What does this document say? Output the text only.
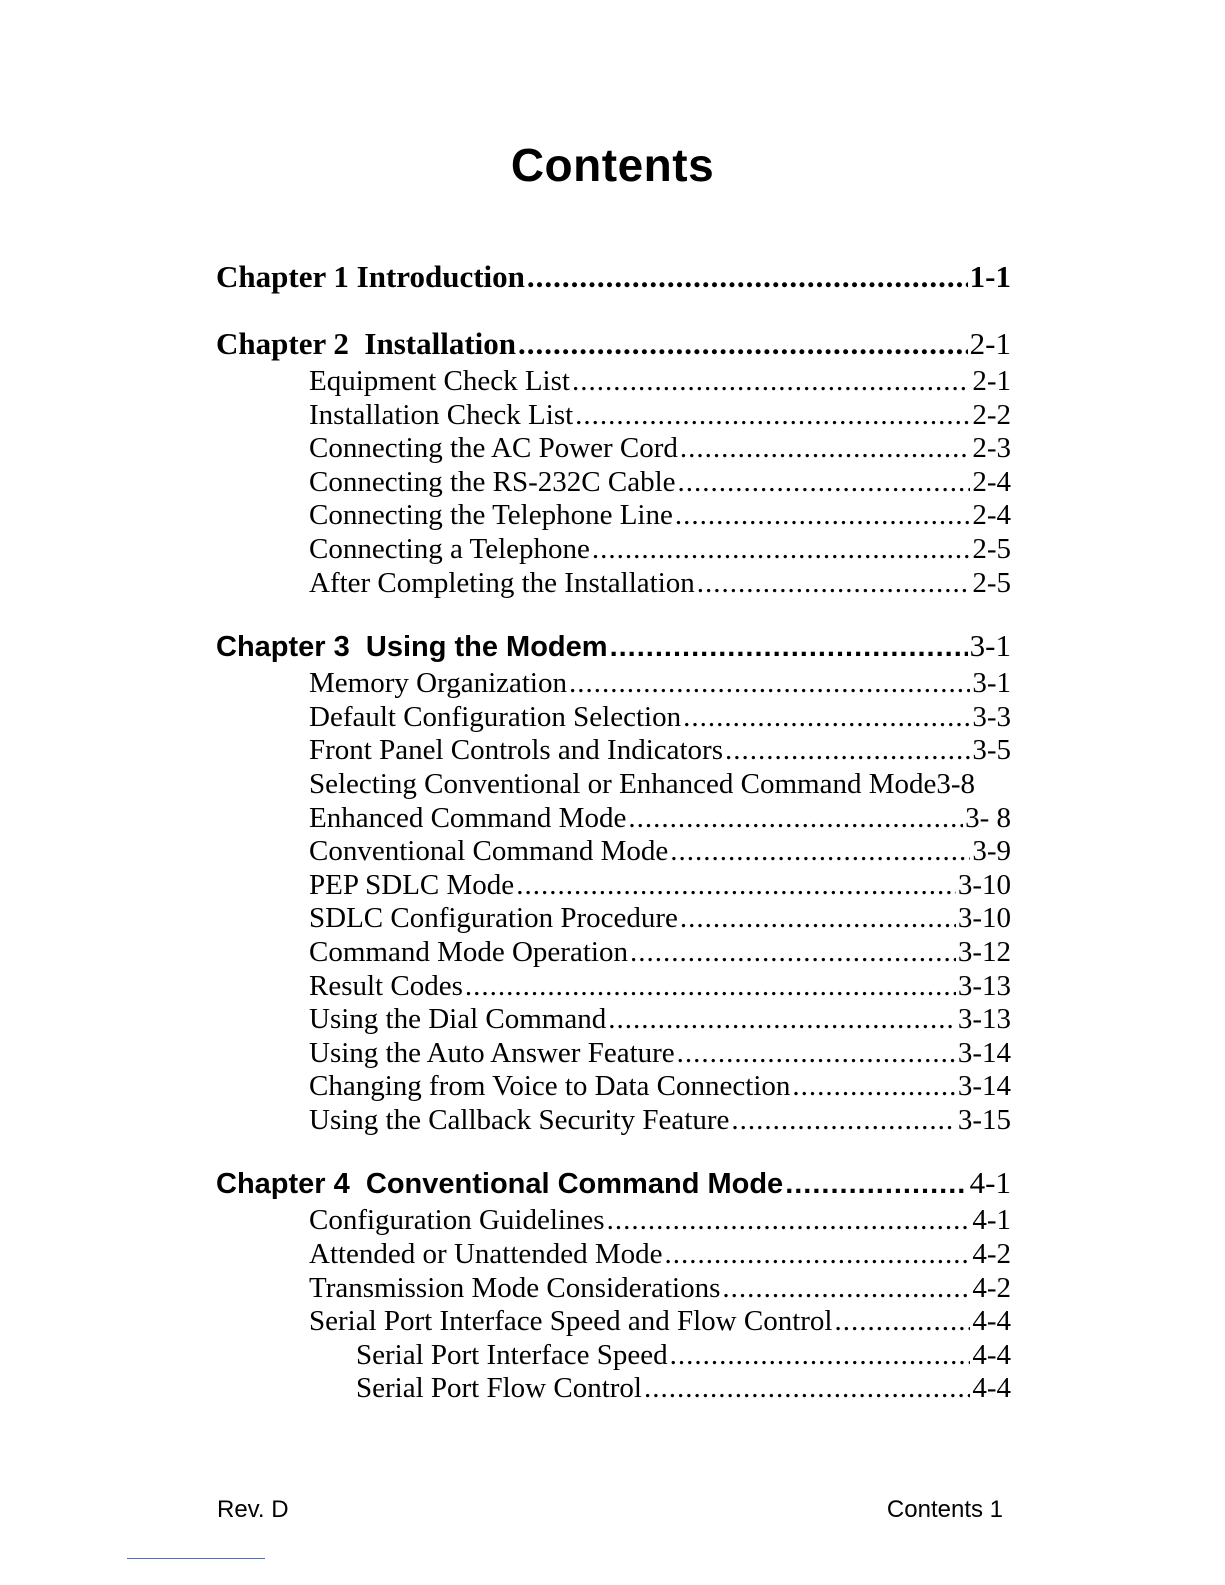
Contents
Chapter 1 Introduction .....	1-1
Chapter 2 Installation .....	2-1
Equipment Check List .....	2-1
Installation Check List .....	2-2
Connecting the AC Power Cord .....	2-3
Connecting the RS-232C Cable .....	2-4
Connecting the Telephone Line .....	2-4
Connecting a Telephone .....	2-5
After Completing the Installation .....	2-5
Chapter 3 Using the Modem .....	3-1
Memory Organization .....	3-1
Default Configuration Selection .....	3-3
Front Panel Controls and Indicators .....	3-5
Selecting Conventional or Enhanced Command Mode3-8
Enhanced Command Mode .....	3- 8
Conventional Command Mode .....	3-9
PEP SDLC Mode .....	3-10
SDLC Configuration Procedure .....	3-10
Command Mode Operation .....	3-12
Result Codes .....	3-13
Using the Dial Command .....	3-13
Using the Auto Answer Feature .....	3-14
Changing from Voice to Data Connection .....	3-14
Using the Callback Security Feature .....	3-15
Chapter 4 Conventional Command Mode .....	4-1
Configuration Guidelines .....	4-1
Attended or Unattended Mode .....	4-2
Transmission Mode Considerations .....	4-2
Serial Port Interface Speed and Flow Control .....	4-4
Serial Port Interface Speed .....	4-4
Serial Port Flow Control .....	4-4
Rev. D	Contents 1
